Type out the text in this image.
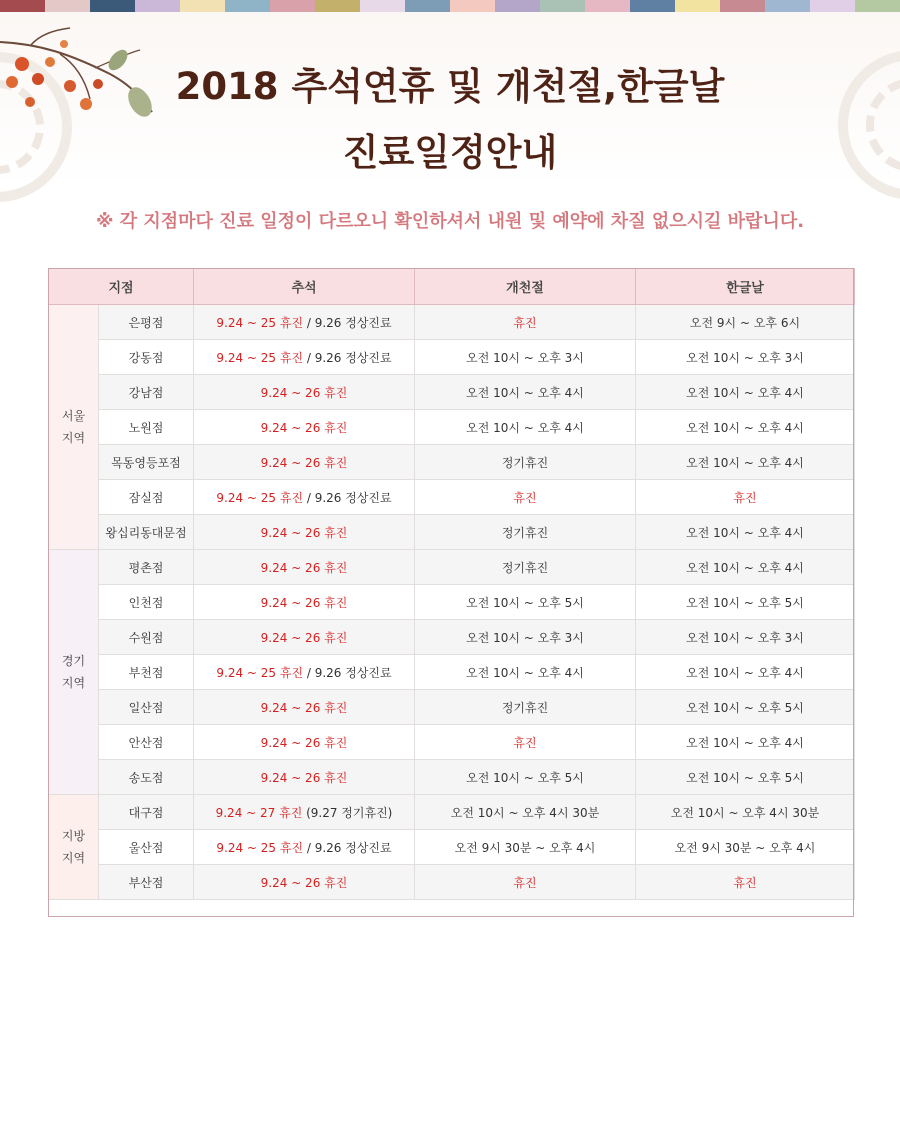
2018 추석연휴 및 개천절,한글날
진료일정안내
※ 각 지점마다 진료 일정이 다르오니 확인하셔서 내원 및 예약에 차질 없으시길 바랍니다.
지점		추석	개천절	한글날

서울
지역	은평점	9.24 ~ 25 휴진 / 9.26 정상진료	휴진	오전 9시 ~ 오후 6시
	강동점	9.24 ~ 25 휴진 / 9.26 정상진료	오전 10시 ~ 오후 3시	오전 10시 ~ 오후 3시
	강남점	9.24 ~ 26 휴진	오전 10시 ~ 오후 4시	오전 10시 ~ 오후 4시
	노원점	9.24 ~ 26 휴진	오전 10시 ~ 오후 4시	오전 10시 ~ 오후 4시
	목동영등포점	9.24 ~ 26 휴진	정기휴진	오전 10시 ~ 오후 4시
	잠실점	9.24 ~ 25 휴진 / 9.26 정상진료	휴진	휴진
	왕십리동대문점	9.24 ~ 26 휴진	정기휴진	오전 10시 ~ 오후 4시

경기
지역	평촌점	9.24 ~ 26 휴진	정기휴진	오전 10시 ~ 오후 4시
	인천점	9.24 ~ 26 휴진	오전 10시 ~ 오후 5시	오전 10시 ~ 오후 5시
	수원점	9.24 ~ 26 휴진	오전 10시 ~ 오후 3시	오전 10시 ~ 오후 3시
	부천점	9.24 ~ 25 휴진 / 9.26 정상진료	오전 10시 ~ 오후 4시	오전 10시 ~ 오후 4시
	일산점	9.24 ~ 26 휴진	정기휴진	오전 10시 ~ 오후 5시
	안산점	9.24 ~ 26 휴진	휴진	오전 10시 ~ 오후 4시
	송도점	9.24 ~ 26 휴진	오전 10시 ~ 오후 5시	오전 10시 ~ 오후 5시

지방
지역	대구점	9.24 ~ 27 휴진 (9.27 정기휴진)	오전 10시 ~ 오후 4시 30분	오전 10시 ~ 오후 4시 30분
	울산점	9.24 ~ 25 휴진 / 9.26 정상진료	오전 9시 30분 ~ 오후 4시	오전 9시 30분 ~ 오후 4시
	부산점	9.24 ~ 26 휴진	휴진	휴진
